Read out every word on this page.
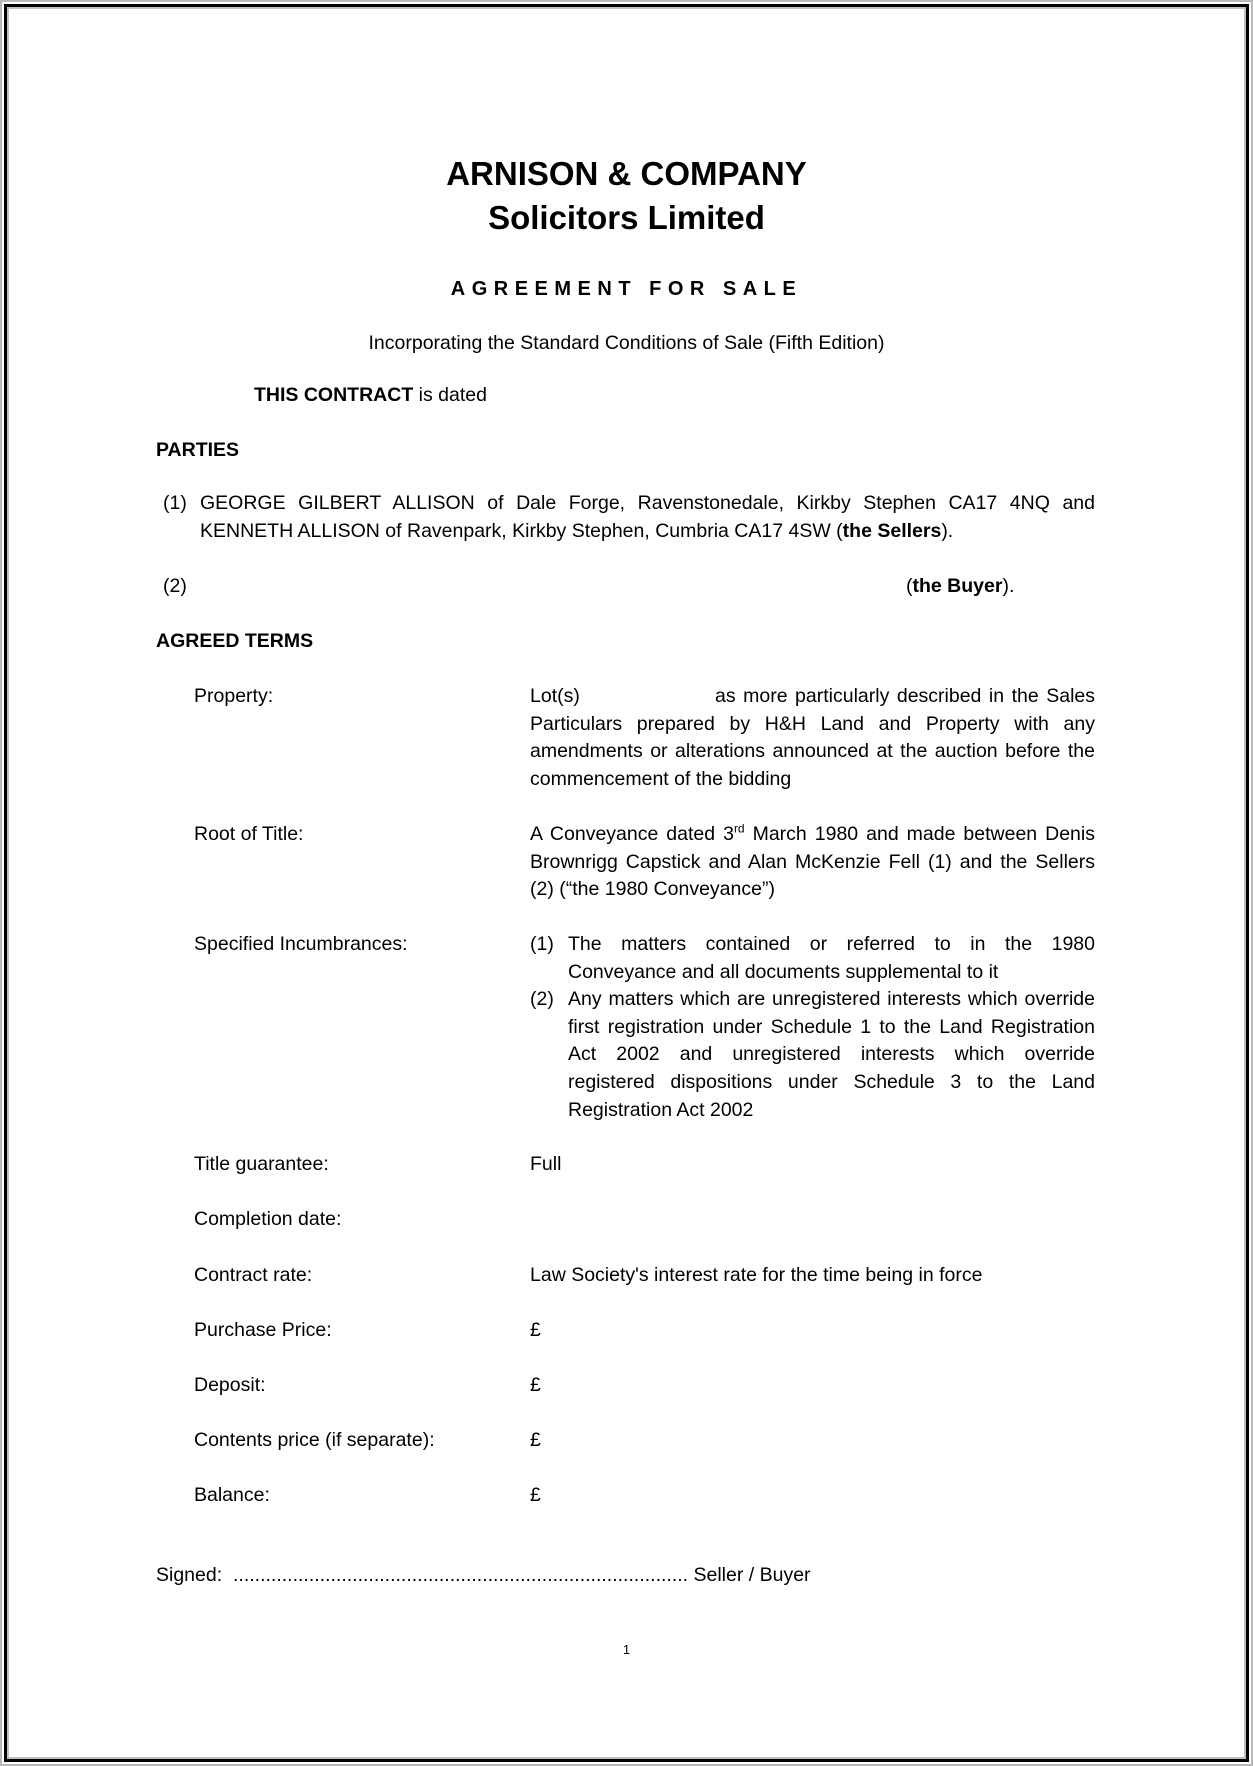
ARNISON & COMPANY
Solicitors Limited
AGREEMENT FOR SALE
Incorporating the Standard Conditions of Sale (Fifth Edition)
THIS CONTRACT is dated
PARTIES
(1) GEORGE GILBERT ALLISON of Dale Forge, Ravenstonedale, Kirkby Stephen CA17 4NQ and KENNETH ALLISON of Ravenpark, Kirkby Stephen, Cumbria CA17 4SW (the Sellers).
(2)	(the Buyer).
AGREED TERMS
Property:	Lot(s)                  as more particularly described in the Sales Particulars prepared by H&H Land and Property with any amendments or alterations announced at the auction before the commencement of the bidding
Root of Title:	A Conveyance dated 3rd March 1980 and made between Denis Brownrigg Capstick and Alan McKenzie Fell (1) and the Sellers (2) (“the 1980 Conveyance”)
Specified Incumbrances:	(1) The matters contained or referred to in the 1980 Conveyance and all documents supplemental to it
(2) Any matters which are unregistered interests which override first registration under Schedule 1 to the Land Registration Act 2002 and unregistered interests which override registered dispositions under Schedule 3 to the Land Registration Act 2002
Title guarantee:	Full
Completion date:
Contract rate:	Law Society's interest rate for the time being in force
Purchase Price:	£
Deposit:	£
Contents price (if separate):	£
Balance:	£
Signed: .................................................................................... Seller / Buyer
1
